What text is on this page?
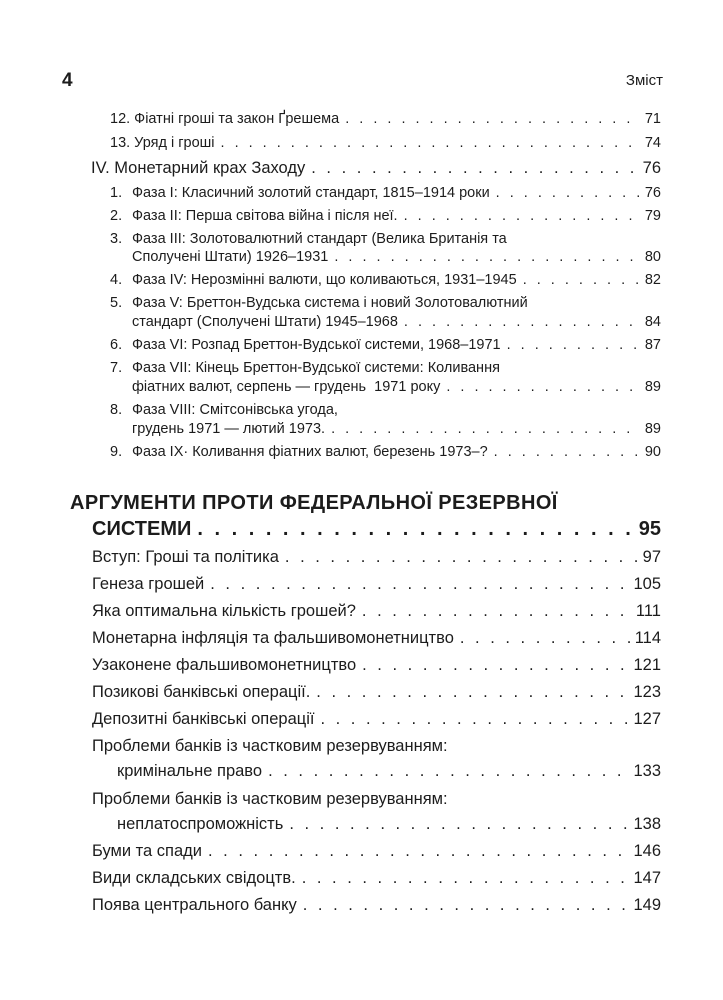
4	Зміст
12. Фіатні гроші та закон Ґрешема . . .	71
13. Уряд і гроші . . .	74
IV. Монетарний крах Заходу . . .	76
1. Фаза І: Класичний золотий стандарт, 1815–1914 роки . . .	76
2. Фаза ІІ: Перша світова війна і після неї. . . .	79
3. Фаза ІІІ: Золотовалютний стандарт (Велика Британія та
Сполучені Штати) 1926–1931 . . .	80
4. Фаза IV: Нерозмінні валюти, що коливаються, 1931–1945 . . .	82
5. Фаза V: Бреттон-Вудська система і новий Золотовалютний
стандарт (Сполучені Штати) 1945–1968 . . .	84
6. Фаза VI: Розпад Бреттон-Вудської системи, 1968–1971 . . .	87
7. Фаза VII: Кінець Бреттон-Вудської системи: Коливання
фіатних валют, серпень — грудень  1971 року . . .	89
8. Фаза VIII: Смітсонівська угода,
грудень 1971 — лютий 1973. . . .	89
9. Фаза IX· Коливання фіатних валют, березень 1973–? . . .	90
АРГУМЕНТИ ПРОТИ ФЕДЕРАЛЬНОЇ РЕЗЕРВНОЇ
СИСТЕМИ . . .	95
Вступ: Гроші та політика . . .	97
Генеза грошей . . .	105
Яка оптимальна кількість грошей? . . .	111
Монетарна інфляція та фальшивомонетництво . . .	114
Узаконене фальшивомонетництво . . .	121
Позикові банківські операції. . . .	123
Депозитні банківські операції . . .	127
Проблеми банків із частковим резервуванням:
кримінальне право . . .	133
Проблеми банків із частковим резервуванням:
неплатоспроможність . . .	138
Буми та спади . . .	146
Види складських свідоцтв. . . .	147
Поява центрального банку . . .	149
